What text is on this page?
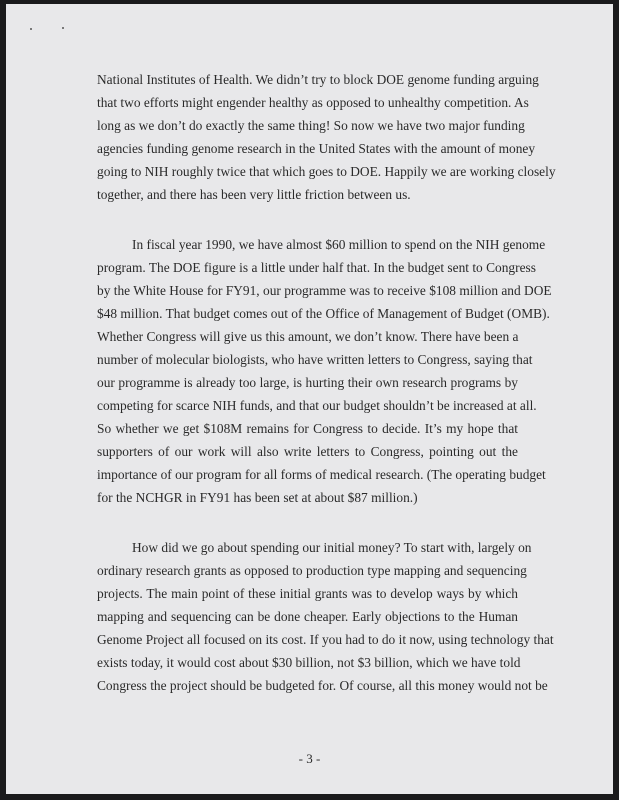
National Institutes of Health. We didn’t try to block DOE genome funding arguing
that two efforts might engender healthy as opposed to unhealthy competition. As
long as we don’t do exactly the same thing! So now we have two major funding
agencies funding genome research in the United States with the amount of money
going to NIH roughly twice that which goes to DOE. Happily we are working closely
together, and there has been very little friction between us.
In fiscal year 1990, we have almost $60 million to spend on the NIH genome
program. The DOE figure is a little under half that. In the budget sent to Congress
by the White House for FY91, our programme was to receive $108 million and DOE
$48 million. That budget comes out of the Office of Management of Budget (OMB).
Whether Congress will give us this amount, we don’t know. There have been a
number of molecular biologists, who have written letters to Congress, saying that
our programme is already too large, is hurting their own research programs by
competing for scarce NIH funds, and that our budget shouldn’t be increased at all.
So whether we get $108M remains for Congress to decide. It’s my hope that
supporters of our work will also write letters to Congress, pointing out the
importance of our program for all forms of medical research. (The operating budget
for the NCHGR in FY91 has been set at about $87 million.)
How did we go about spending our initial money? To start with, largely on
ordinary research grants as opposed to production type mapping and sequencing
projects. The main point of these initial grants was to develop ways by which
mapping and sequencing can be done cheaper. Early objections to the Human
Genome Project all focused on its cost. If you had to do it now, using technology that
exists today, it would cost about $30 billion, not $3 billion, which we have told
Congress the project should be budgeted for. Of course, all this money would not be
- 3 -
